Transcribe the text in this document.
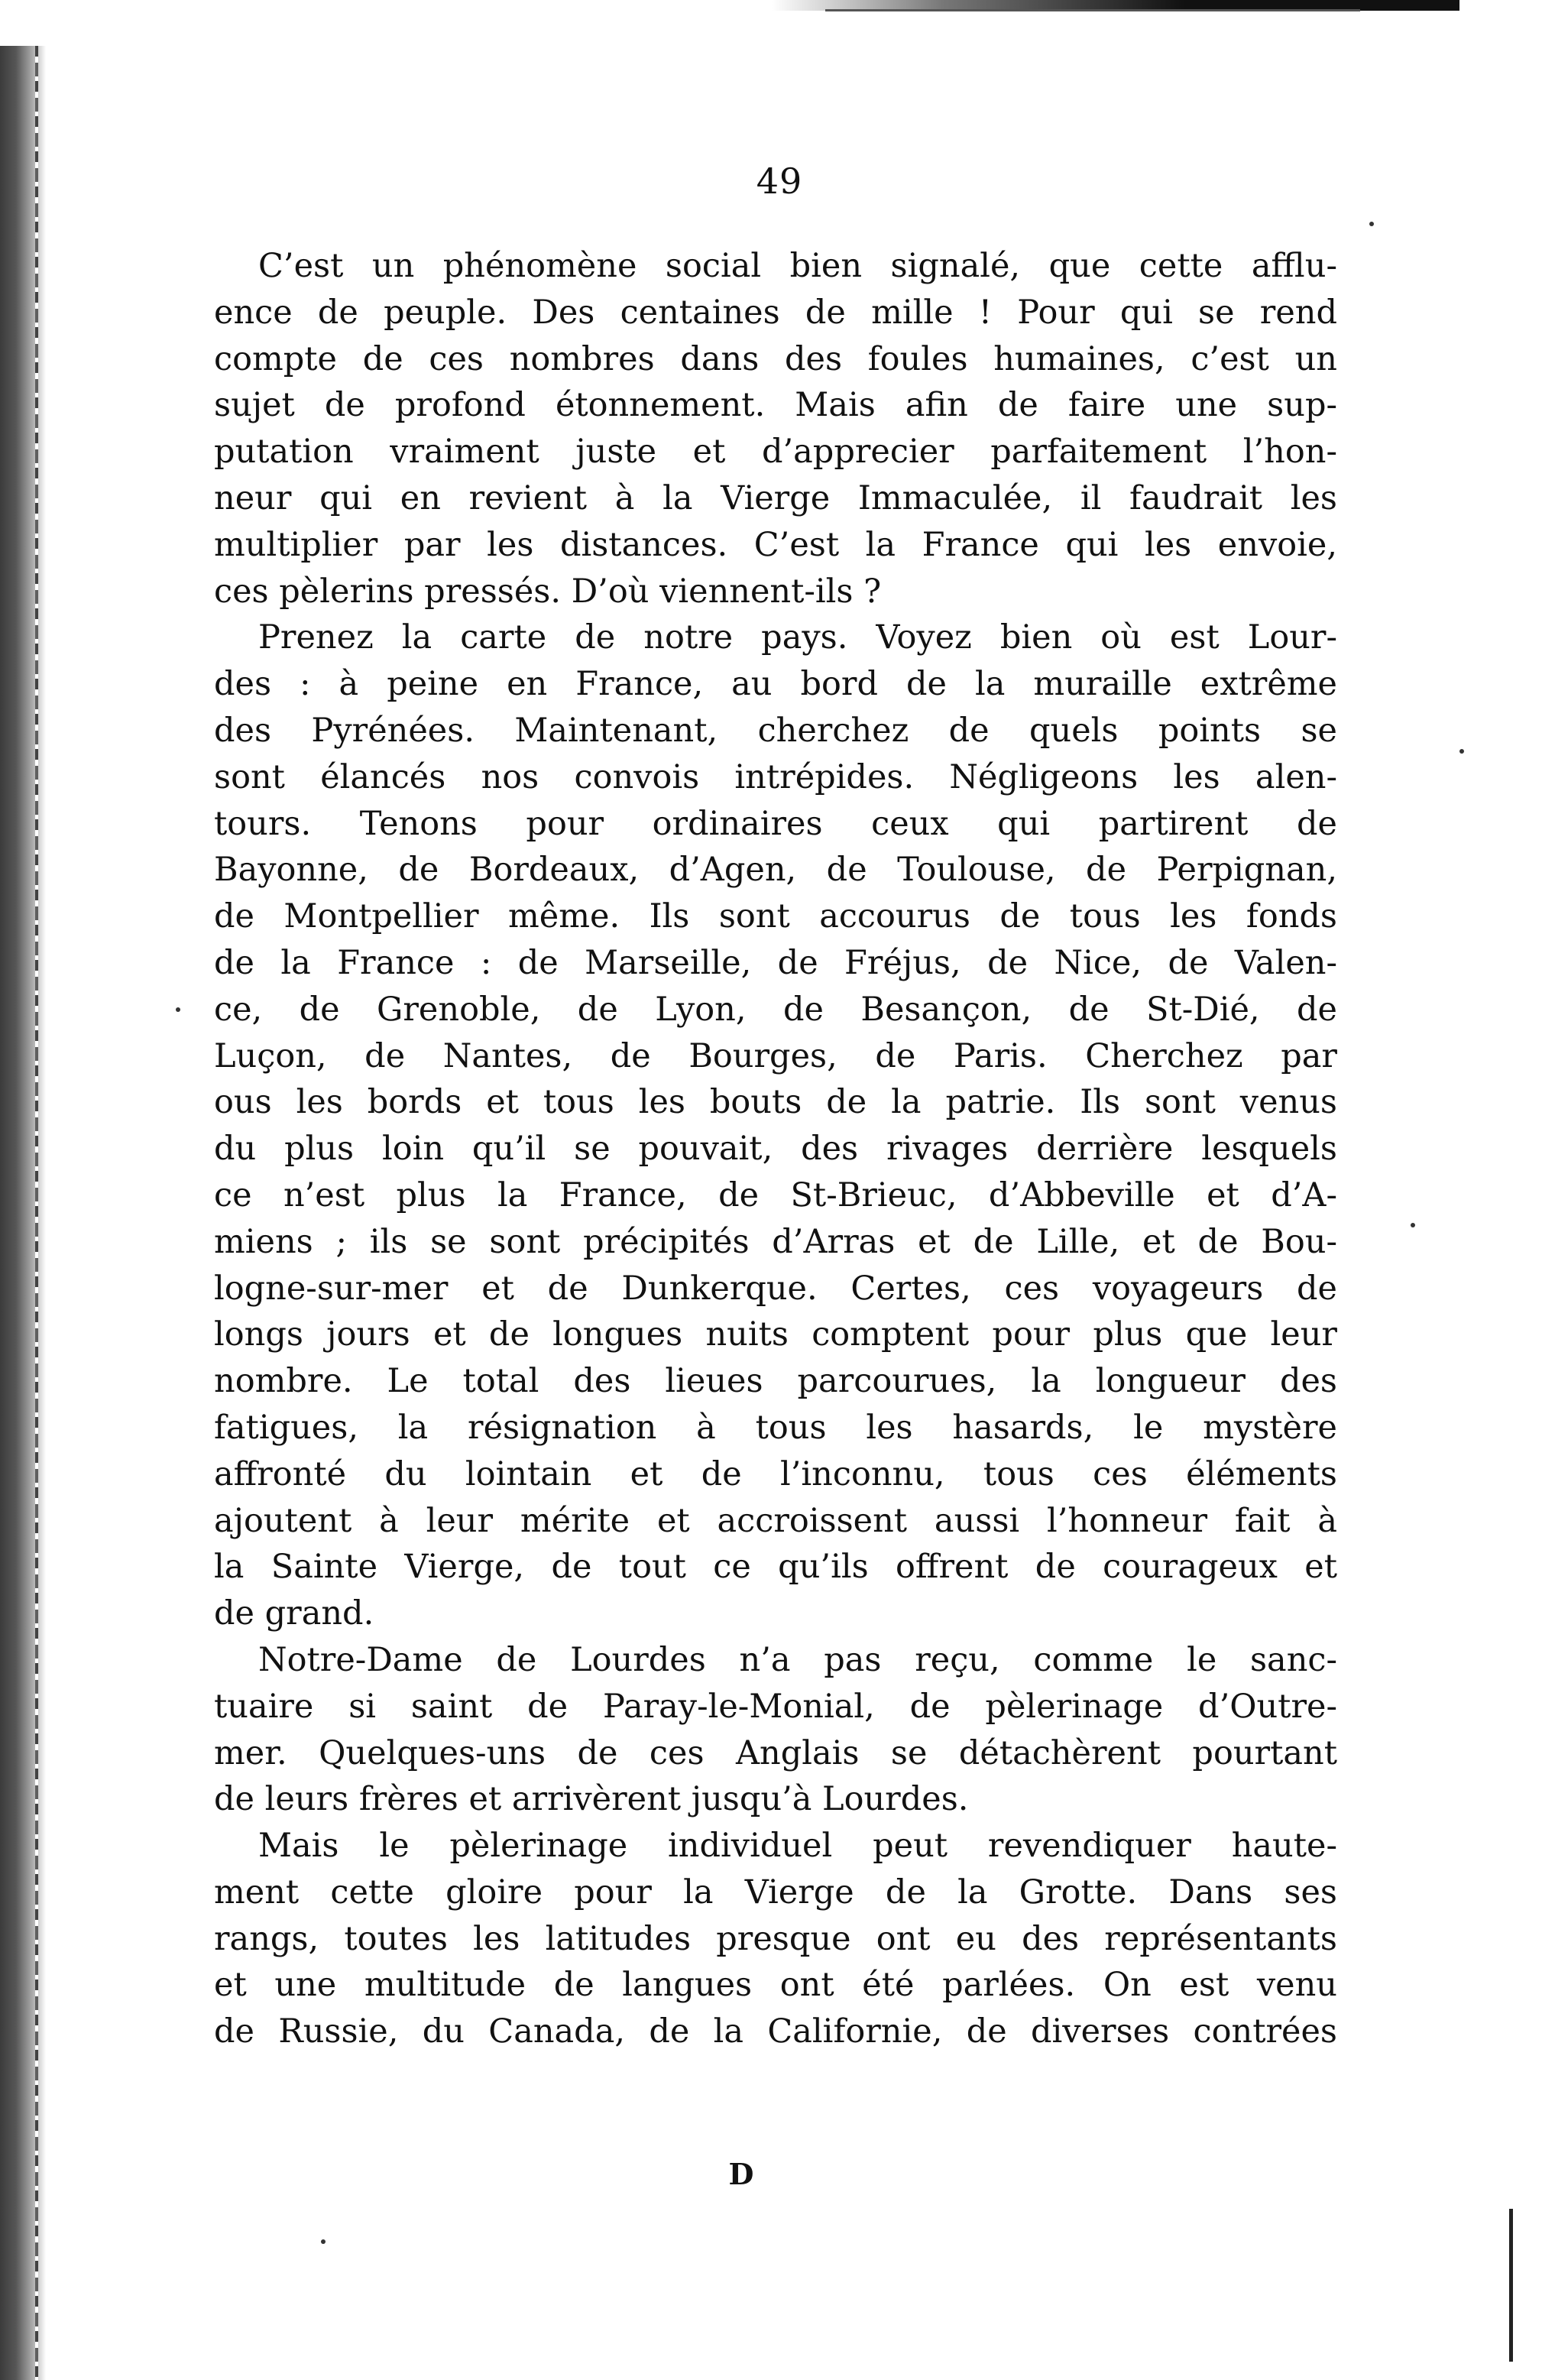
49
C’est un phénomène social bien signalé, que cette afflu-
ence de peuple. Des centaines de mille ! Pour qui se rend
compte de ces nombres dans des foules humaines, c’est un
sujet de profond étonnement. Mais afin de faire une sup-
putation vraiment juste et d’apprecier parfaitement l’hon-
neur qui en revient à la Vierge Immaculée, il faudrait les
multiplier par les distances. C’est la France qui les envoie,
ces pèlerins pressés. D’où viennent-ils ?
Prenez la carte de notre pays. Voyez bien où est Lour-
des : à peine en France, au bord de la muraille extrême
des Pyrénées. Maintenant, cherchez de quels points se
sont élancés nos convois intrépides. Négligeons les alen-
tours. Tenons pour ordinaires ceux qui partirent de
Bayonne, de Bordeaux, d’Agen, de Toulouse, de Perpignan,
de Montpellier même. Ils sont accourus de tous les fonds
de la France : de Marseille, de Fréjus, de Nice, de Valen-
ce, de Grenoble, de Lyon, de Besançon, de St-Dié, de
Luçon, de Nantes, de Bourges, de Paris. Cherchez par
ous les bords et tous les bouts de la patrie. Ils sont venus
du plus loin qu’il se pouvait, des rivages derrière lesquels
ce n’est plus la France, de St-Brieuc, d’Abbeville et d’A-
miens ; ils se sont précipités d’Arras et de Lille, et de Bou-
logne-sur-mer et de Dunkerque. Certes, ces voyageurs de
longs jours et de longues nuits comptent pour plus que leur
nombre. Le total des lieues parcourues, la longueur des
fatigues, la résignation à tous les hasards, le mystère
affronté du lointain et de l’inconnu, tous ces éléments
ajoutent à leur mérite et accroissent aussi l’honneur fait à
la Sainte Vierge, de tout ce qu’ils offrent de courageux et
de grand.
Notre-Dame de Lourdes n’a pas reçu, comme le sanc-
tuaire si saint de Paray-le-Monial, de pèlerinage d’Outre-
mer. Quelques-uns de ces Anglais se détachèrent pourtant
de leurs frères et arrivèrent jusqu’à Lourdes.
Mais le pèlerinage individuel peut revendiquer haute-
ment cette gloire pour la Vierge de la Grotte. Dans ses
rangs, toutes les latitudes presque ont eu des représentants
et une multitude de langues ont été parlées. On est venu
de Russie, du Canada, de la Californie, de diverses contrées
D
